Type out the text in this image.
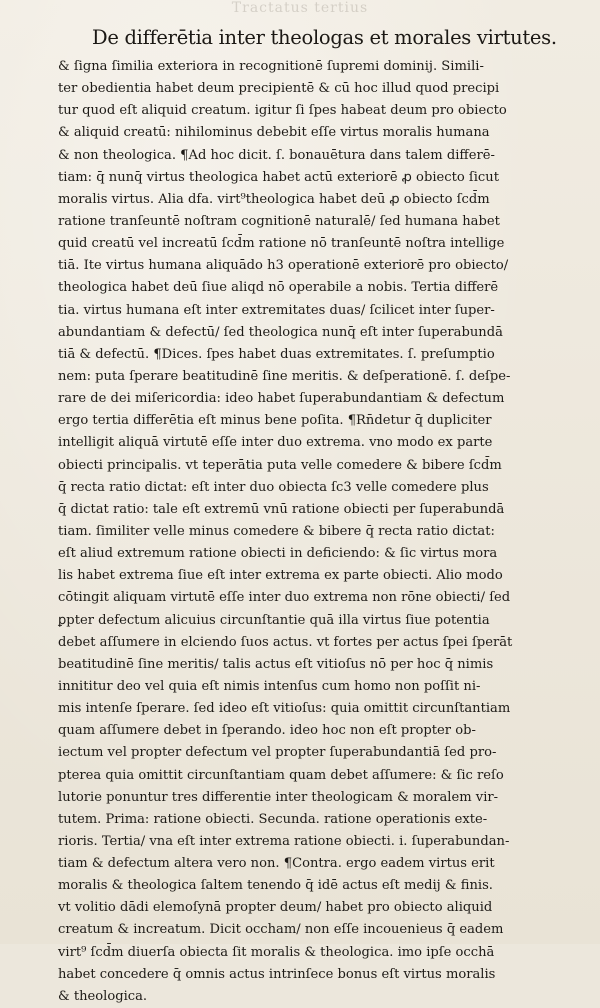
Tractatus tertius
De differētia inter theologas et morales virtutes.
& ſigna ſimilia exteriora in recognitionē ſupremi dominij. Simili-
ter obedientia habet deum precipientē & cū hoc illud quod precipi
tur quod eſt aliquid creatum. igitur ſi ſpes habeat deum pro obiecto
& aliquid creatū: nihilominus debebit eſſe virtus moralis humana
& non theologica. ¶Ad hoc dicit. ſ. bonauētura dans talem differē-
tiam: q̄ nunq̄ virtus theologica habet actū exteriorē ꝓ obiecto ſicut
moralis virtus. Alia dfa. virt⁹theologica habet deū ꝓ obiecto ſcd̄m
ratione tranſeuntē noſtram cognitionē naturalē/ ſed humana habet
quid creatū vel increatū ſcd̄m ratione nō tranſeuntē noſtra intellige
tiā. Ite virtus humana aliquādo h3 operationē exteriorē pro obiecto/
theologica habet deū ſiue aliqd nō operabile a nobis. Tertia differē
tia. virtus humana eſt inter extremitates duas/ ſcilicet inter ſuper-
abundantiam & defectū/ ſed theologica nunq̄ eſt inter ſuperabundā
tiā & defectū. ¶Dices. ſpes habet duas extremitates. ſ. preſumptio
nem: puta ſperare beatitudinē ſine meritis. & deſperationē. ſ. deſpe-
rare de dei miſericordia: ideo habet ſuperabundantiam & defectum
ergo tertia differētia eſt minus bene poſita. ¶Rn̄detur q̄ dupliciter
intelligit aliquā virtutē eſſe inter duo extrema. vno modo ex parte
obiecti principalis. vt teperātia puta velle comedere & bibere ſcd̄m
q̄ recta ratio dictat: eſt inter duo obiecta ſc3 velle comedere plus
q̄ dictat ratio: tale eſt extremū vnū ratione obiecti per ſuperabundā
tiam. ſimiliter velle minus comedere & bibere q̄ recta ratio dictat:
eſt aliud extremum ratione obiecti in deficiendo: & ſic virtus mora
lis habet extrema ſiue eſt inter extrema ex parte obiecti. Alio modo
cōtingit aliquam virtutē eſſe inter duo extrema non rōne obiecti/ ſed
ꝑpter defectum alicuius circunſtantie quā illa virtus ſiue potentia
debet aſſumere in elciendo ſuos actus. vt fortes per actus ſpei ſperāt
beatitudinē ſine meritis/ talis actus eſt vitioſus nō per hoc q̄ nimis
innititur deo vel quia eſt nimis intenſus cum homo non poſſit ni-
mis intenſe ſperare. ſed ideo eſt vitioſus: quia omittit circunſtantiam
quam aſſumere debet in ſperando. ideo hoc non eſt propter ob-
iectum vel propter defectum vel propter ſuperabundantiā ſed pro-
pterea quia omittit circunſtantiam quam debet aſſumere: & ſic reſo
lutorie ponuntur tres differentie inter theologicam & moralem vir-
tutem. Prima: ratione obiecti. Secunda. ratione operationis exte-
rioris. Tertia/ vna eſt inter extrema ratione obiecti. i. ſuperabundan-
tiam & defectum altera vero non. ¶Contra. ergo eadem virtus erit
moralis & theologica ſaltem tenendo q̄ idē actus eſt medij & finis.
vt volitio dādi elemoſynā propter deum/ habet pro obiecto aliquid
creatum & increatum. Dicit occham/ non eſſe incouenieus q̄ eadem
virt⁹ ſcd̄m diuerſa obiecta ſit moralis & theologica. imo ipſe occhā
habet concedere q̄ omnis actus intrinſece bonus eſt virtus moralis
& theologica.
